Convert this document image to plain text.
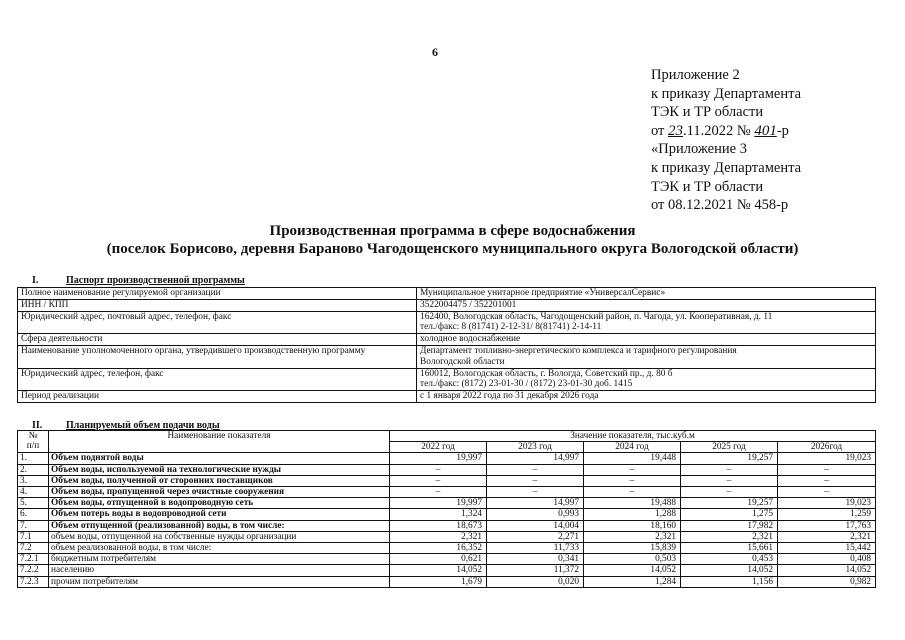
6
Приложение 2
к приказу Департамента
ТЭК и ТР области
от 23.11.2022 № 401-р
«Приложение 3
к приказу Департамента
ТЭК и ТР области
от 08.12.2021 № 458-р
Производственная программа в сфере водоснабжения
(поселок Борисово, деревня Бараново Чагодощенского муниципального округа Вологодской области)
I.	Паспорт производственной программы
Полное наименование регулируемой организации	Муниципальное унитарное предприятие «УниверсалСервис»

ИНН / КПП	3522004475 / 352201001

Юридический адрес, почтовый адрес, телефон, факс	162400, Вологодская область, Чагодощенский район, п. Чагода, ул. Кооперативная, д. 11
тел./факс: 8 (81741) 2-12-31/ 8(81741) 2-14-11

Сфера деятельности	холодное водоснабжение

Наименование уполномоченного органа, утвердившего производственную программу	Департамент топливно-энергетического комплекса и тарифного регулирования
Вологодской области

Юридический адрес, телефон, факс	160012, Вологодская область, г. Вологда, Советский пр., д. 80 б
тел./факс: (8172) 23-01-30 / (8172) 23-01-30 доб. 1415

Период реализации	с 1 января 2022 года по 31 декабря 2026 года
II. Планируемый объем подачи воды
№
п/п	Наименование показателя	Значение показателя, тыс.куб.м				
		2022 год	2023 год	2024 год	2025 год	2026год
1.	Объем поднятой воды	19,997	14,997	19,448	19,257	19,023
2.	Объем воды, используемой на технологические нужды	–	–	–	–	–
3.	Объем воды, полученной от сторонних поставщиков	–	–	–	–	–
4.	Объем воды, пропущенной через очистные сооружения	–	–	–	–	–
5.	Объем воды, отпущенной в водопроводную сеть	19,997	14,997	19,488	19,257	19,023
6.	Объем потерь воды в водопроводной сети	1,324	0,993	1,288	1,275	1,259
7.	Объем отпущенной (реализованной) воды, в том числе:	18,673	14,004	18,160	17,982	17,763
7.1	объем воды, отпущенной на собственные нужды организации	2,321	2,271	2,321	2,321	2,321
7.2	объем реализованной воды, в том числе:	16,352	11,733	15,839	15,661	15,442
7.2.1	бюджетным потребителям	0,621	0,341	0,503	0,453	0,408
7.2.2	населению	14,052	11,372	14,052	14,052	14,052
7.2.3	прочим потребителям	1,679	0,020	1,284	1,156	0,982
